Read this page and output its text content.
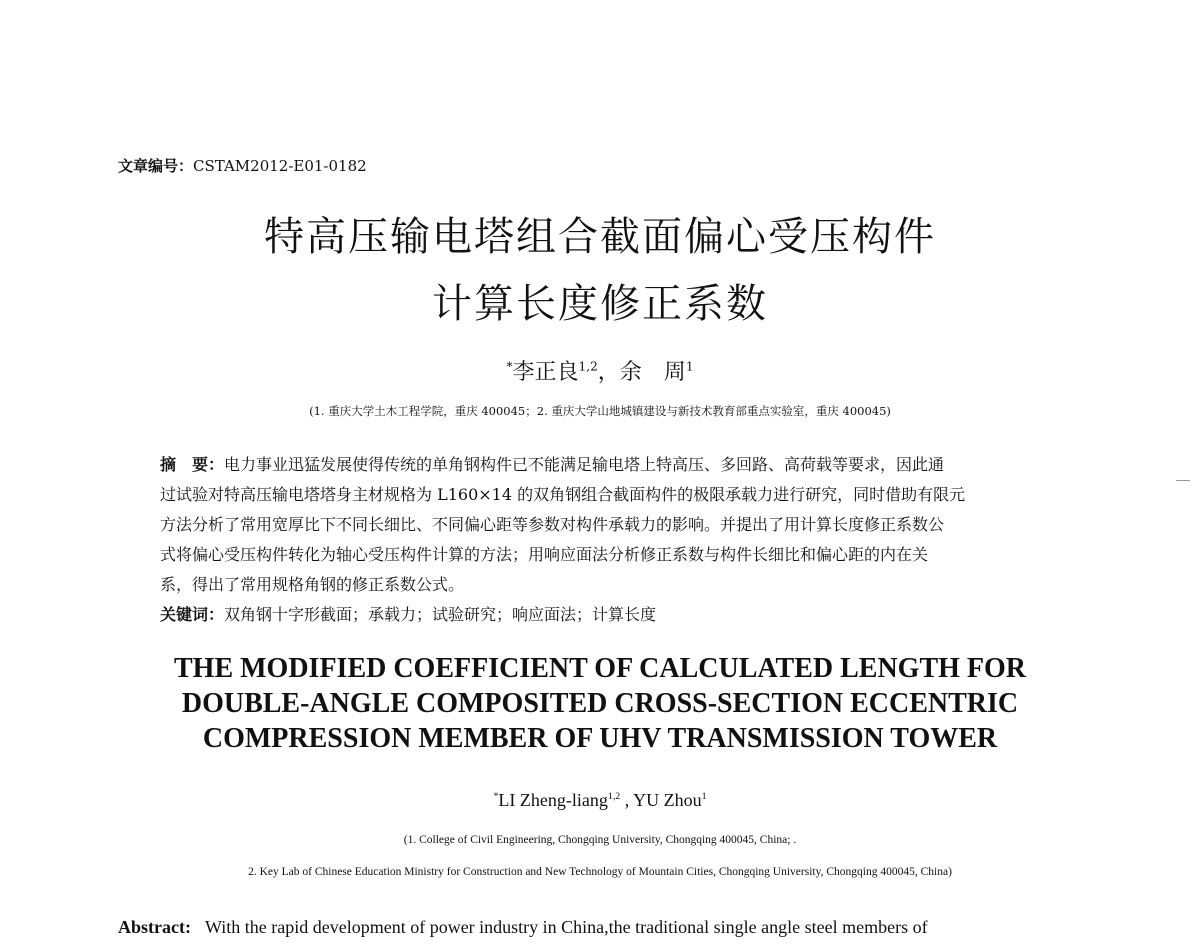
文章编号：CSTAM2012-E01-0182
特高压输电塔组合截面偏心受压构件
计算长度修正系数
*李正良$^{1,2}$，余　周$^1$
(1. 重庆大学土木工程学院，重庆 400045；2. 重庆大学山地城镇建设与新技术教育部重点实验室，重庆 400045)
摘　要：电力事业迅猛发展使得传统的单角钢构件已不能满足输电塔上特高压、多回路、高荷载等要求，因此通
过试验对特高压输电塔塔身主材规格为 L160×14 的双角钢组合截面构件的极限承载力进行研究，同时借助有限元
方法分析了常用宽厚比下不同长细比、不同偏心距等参数对构件承载力的影响。并提出了用计算长度修正系数公
式将偏心受压构件转化为轴心受压构件计算的方法；用响应面法分析修正系数与构件长细比和偏心距的内在关
系，得出了常用规格角钢的修正系数公式。
关键词：双角钢十字形截面；承载力；试验研究；响应面法；计算长度
THE MODIFIED COEFFICIENT OF CALCULATED LENGTH FOR
DOUBLE-ANGLE COMPOSITED CROSS-SECTION ECCENTRIC
COMPRESSION MEMBER OF UHV TRANSMISSION TOWER
*LI Zheng-liang$^{1,2}$ , YU Zhou$^1$
(1. College of Civil Engineering, Chongqing University, Chongqing 400045, China; .
2. Key Lab of Chinese Education Ministry for Construction and New Technology of Mountain Cities, Chongqing University, Chongqing 400045, China)
Abstract: With the rapid development of power industry in China,the traditional single angle steel members of
